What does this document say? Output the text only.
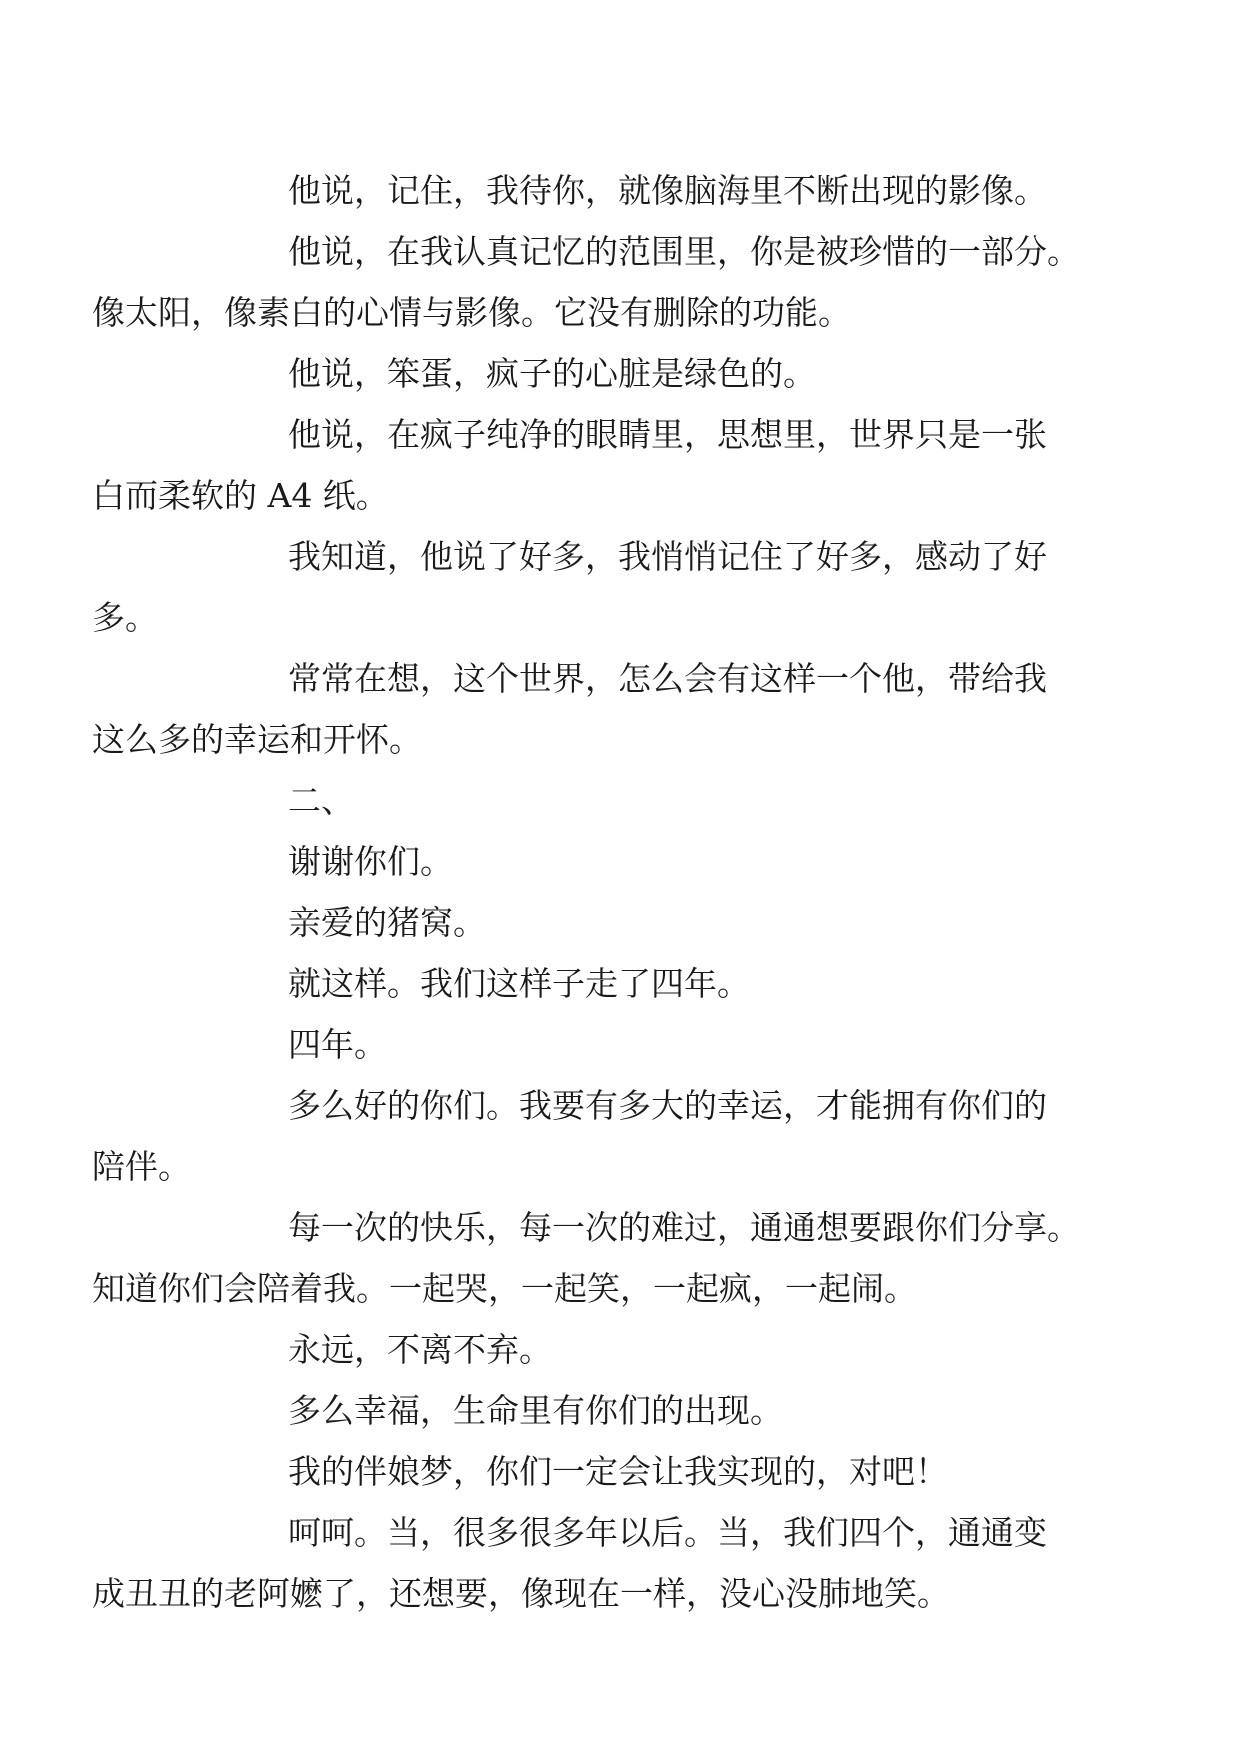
他说，记住，我待你，就像脑海里不断出现的影像。

他说，在我认真记忆的范围里，你是被珍惜的一部分。
像太阳，像素白的心情与影像。它没有删除的功能。

他说，笨蛋，疯子的心脏是绿色的。

他说，在疯子纯净的眼睛里，思想里，世界只是一张
白而柔软的 A4 纸。

我知道，他说了好多，我悄悄记住了好多，感动了好
多。

常常在想，这个世界，怎么会有这样一个他，带给我
这么多的幸运和开怀。

二、

谢谢你们。

亲爱的猪窝。

就这样。我们这样子走了四年。

四年。

多么好的你们。我要有多大的幸运，才能拥有你们的
陪伴。

每一次的快乐，每一次的难过，通通想要跟你们分享。
知道你们会陪着我。一起哭，一起笑，一起疯，一起闹。

永远，不离不弃。

多么幸福，生命里有你们的出现。

我的伴娘梦，你们一定会让我实现的，对吧！

呵呵。当，很多很多年以后。当，我们四个，通通变
成丑丑的老阿嬷了，还想要，像现在一样，没心没肺地笑。
